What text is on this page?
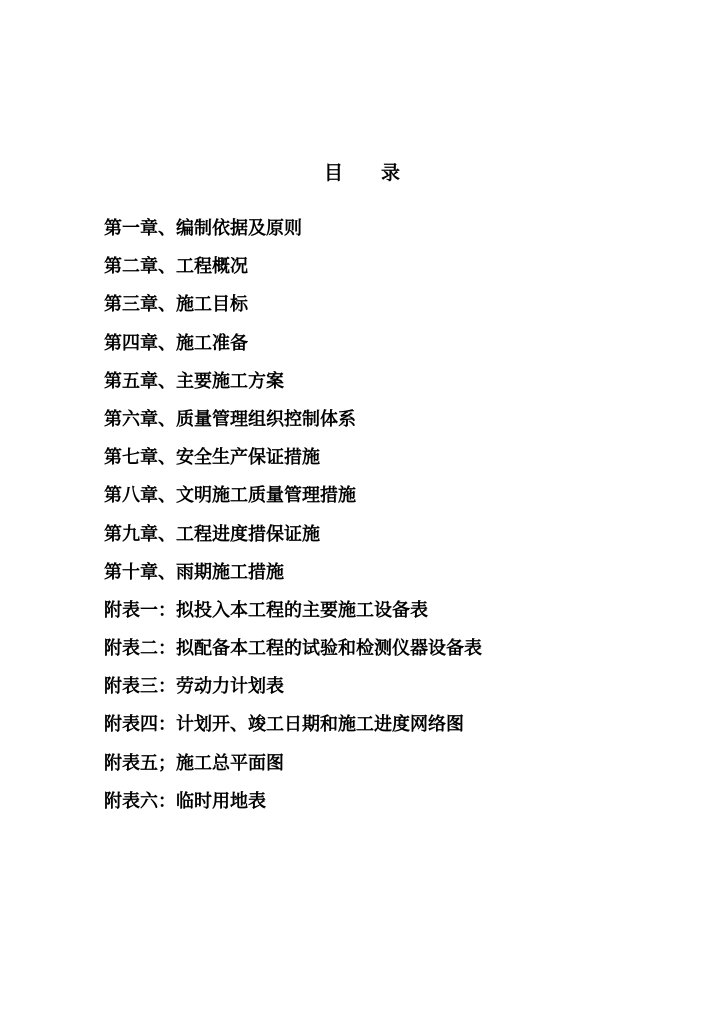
目　　录
第一章、编制依据及原则
第二章、工程概况
第三章、施工目标
第四章、施工准备
第五章、主要施工方案
第六章、质量管理组织控制体系
第七章、安全生产保证措施
第八章、文明施工质量管理措施
第九章、工程进度措保证施
第十章、雨期施工措施
附表一：拟投入本工程的主要施工设备表
附表二：拟配备本工程的试验和检测仪器设备表
附表三：劳动力计划表
附表四：计划开、竣工日期和施工进度网络图
附表五；施工总平面图
附表六：临时用地表
